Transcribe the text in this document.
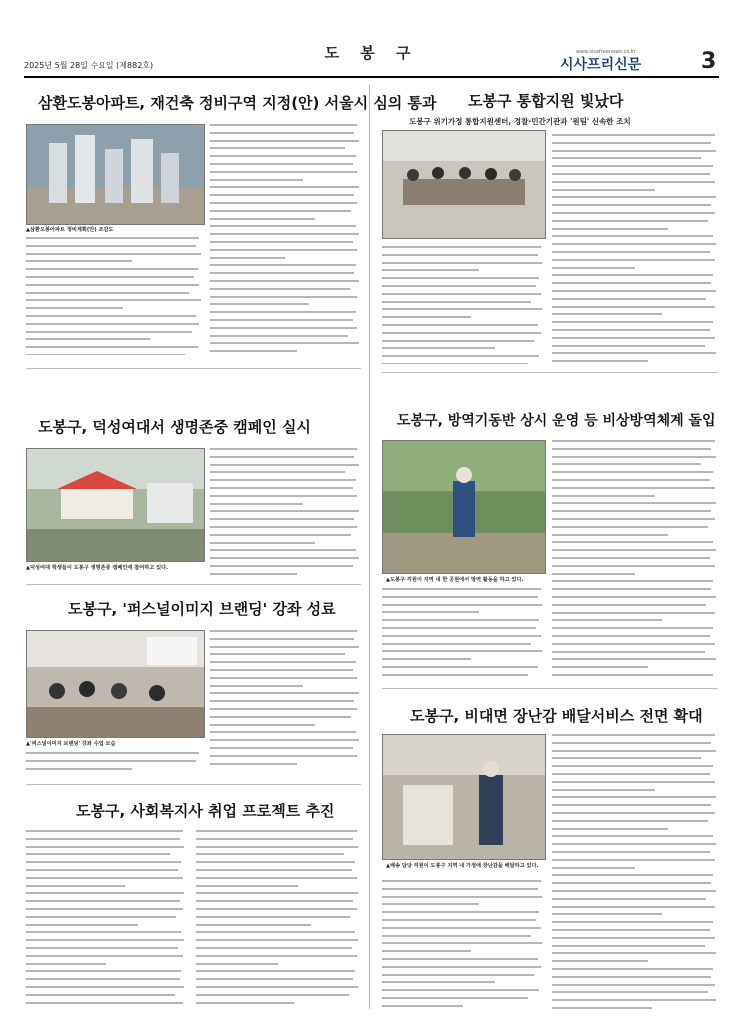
도 봉 구
2025년 5월 28일 수요일 (제882호)
www.sisafreenews.co.kr
시사프리신문	3
삼환도봉아파트, 재건축 정비구역 지정(안) 서울시 심의 통과
▲삼환도봉아파트 정비계획(안) 조감도
도봉구 통합지원 빛났다
도봉구 위기가정 통합지원센터, 경찰·민간기관과 '원팀' 신속한 조치
도봉구, 덕성여대서 생명존중 캠페인 실시
▲덕성여대 학생들이 도봉구 생명존중 캠페인에 참여하고 있다.
도봉구, 방역기동반 상시 운영 등 비상방역체계 돌입
▲도봉구 직원이 지역 내 한 공원에서 방역 활동을 하고 있다.
도봉구, '퍼스널이미지 브랜딩' 강좌 성료
▲'퍼스널이미지 브랜딩' 강좌 수업 모습
도봉구, 비대면 장난감 배달서비스 전면 확대
▲배송 담당 직원이 도봉구 지역 내 가정에 장난감을 배달하고 있다.
도봉구, 사회복지사 취업 프로젝트 추진
